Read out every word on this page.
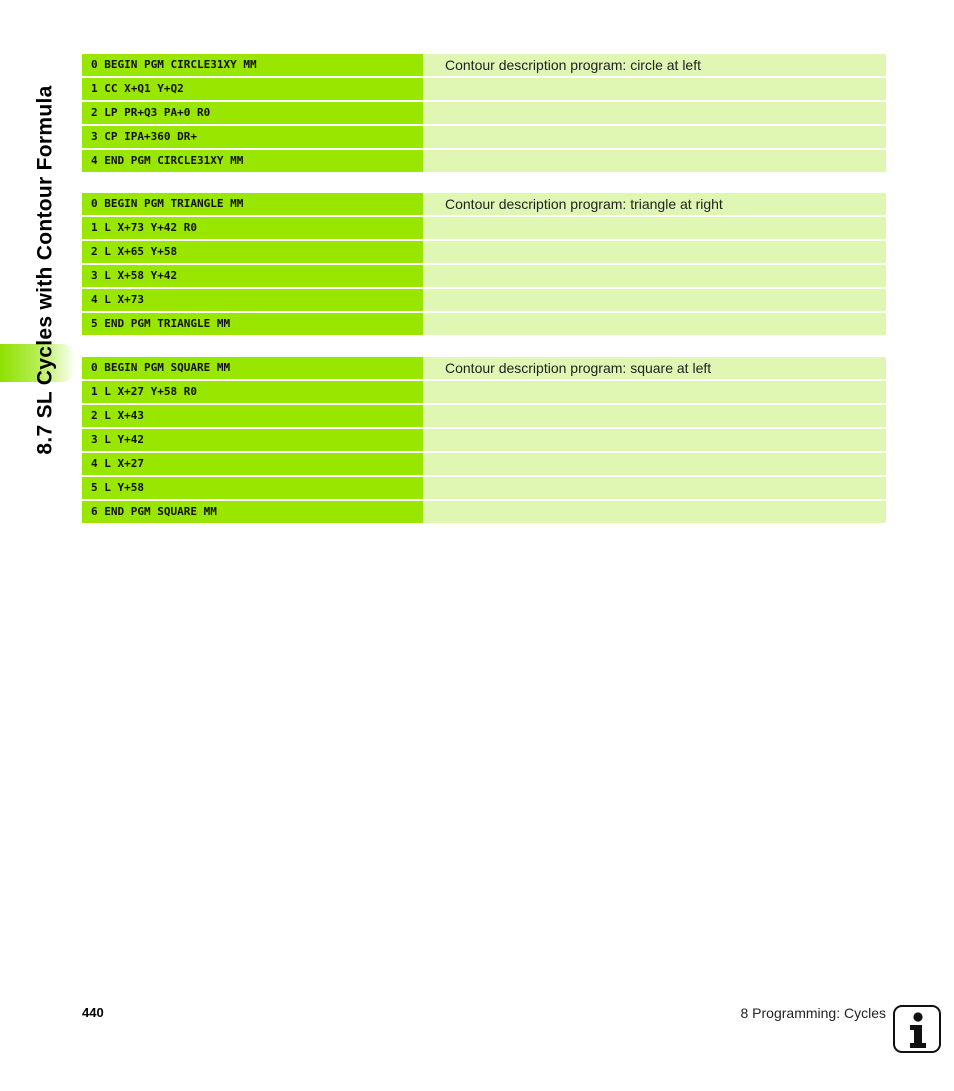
8.7 SL Cycles with Contour Formula
0 BEGIN PGM CIRCLE31XY MM	Contour description program: circle at left
1 CC X+Q1 Y+Q2
2 LP PR+Q3 PA+0 R0
3 CP IPA+360 DR+
4 END PGM CIRCLE31XY MM
0 BEGIN PGM TRIANGLE MM	Contour description program: triangle at right
1 L X+73 Y+42 R0
2 L X+65 Y+58
3 L X+58 Y+42
4 L X+73
5 END PGM TRIANGLE MM
0 BEGIN PGM SQUARE MM	Contour description program: square at left
1 L X+27 Y+58 R0
2 L X+43
3 L Y+42
4 L X+27
5 L Y+58
6 END PGM SQUARE MM
440	8 Programming: Cycles
